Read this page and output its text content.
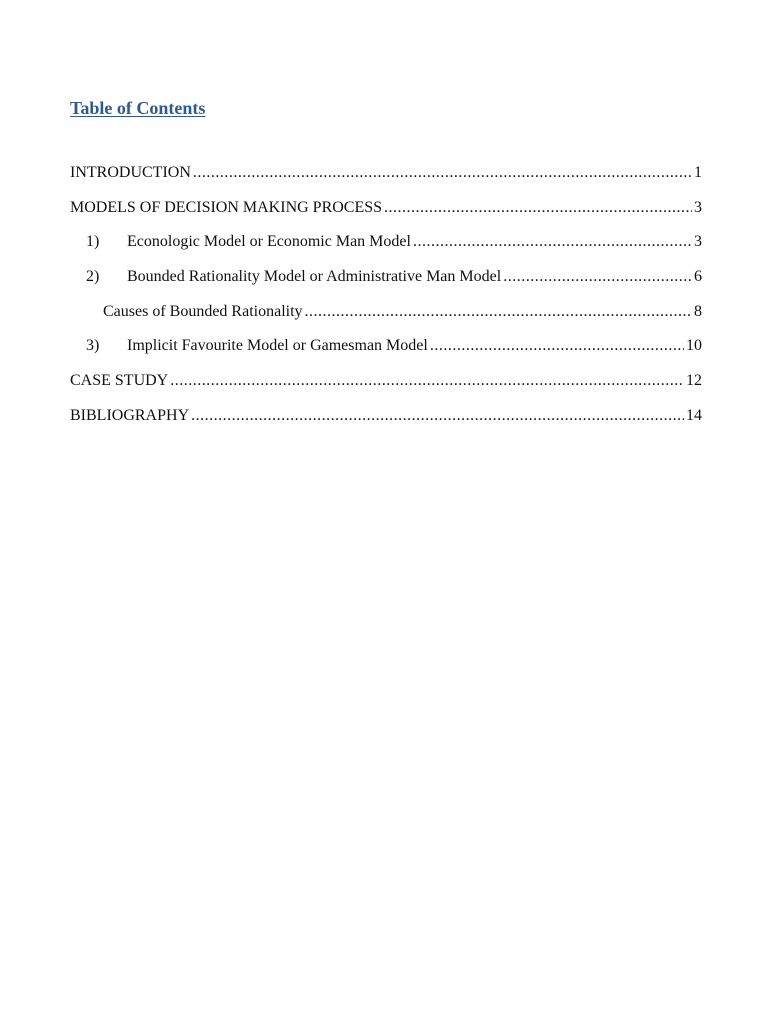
Table of Contents
INTRODUCTION .....	1
MODELS OF DECISION MAKING PROCESS .....	3
1)	Econologic Model or Economic Man Model .....	3
2)	Bounded Rationality Model or Administrative Man Model .....	6
Causes of Bounded Rationality .....	8
3)	Implicit Favourite Model or Gamesman Model .....	10
CASE STUDY .....	12
BIBLIOGRAPHY .....	14
